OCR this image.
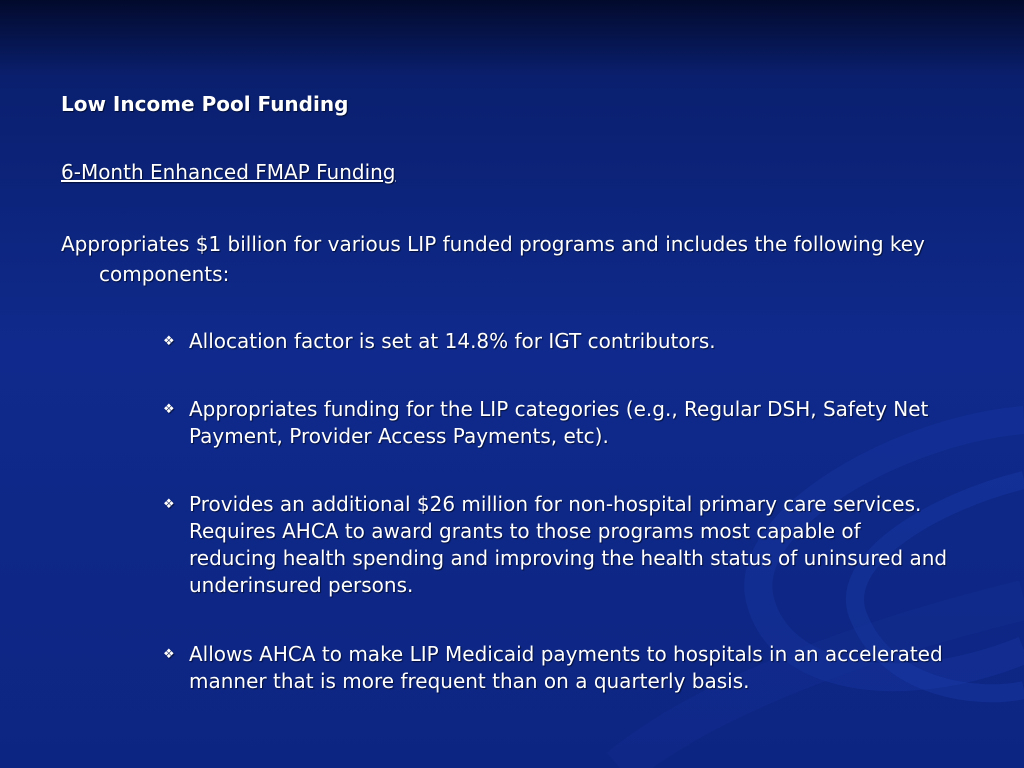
Low Income Pool Funding
6-Month Enhanced FMAP Funding
Appropriates $1 billion for various LIP funded programs and includes the following key components:
❖ Allocation factor is set at 14.8% for IGT contributors.
❖ Appropriates funding for the LIP categories (e.g., Regular DSH, Safety Net Payment, Provider Access Payments, etc).
❖ Provides an additional $26 million for non-hospital primary care services. Requires AHCA to award grants to those programs most capable of reducing health spending and improving the health status of uninsured and underinsured persons.
❖ Allows AHCA to make LIP Medicaid payments to hospitals in an accelerated manner that is more frequent than on a quarterly basis.
